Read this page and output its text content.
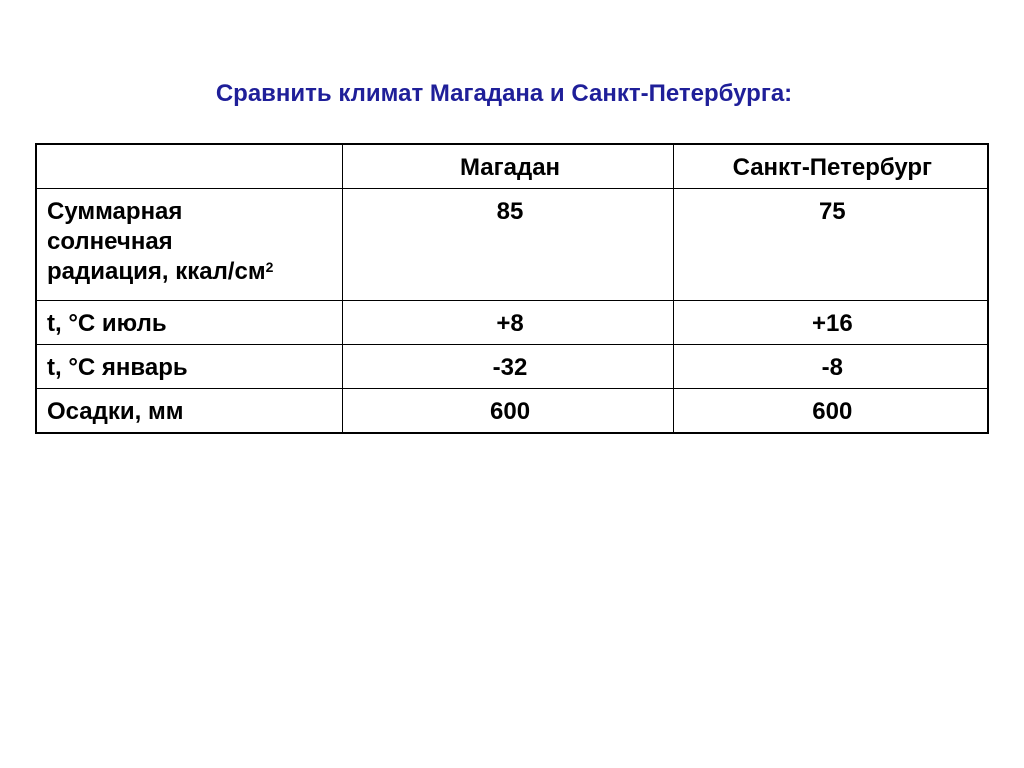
Сравнить климат Магадана и Санкт-Петербурга:

	Магадан	Санкт-Петербург

Суммарная
солнечная
радиация, ккал/$см^2$	85	75

t, °C июль	+8	+16

t, °C январь	-32	-8

Осадки, мм	600	600
